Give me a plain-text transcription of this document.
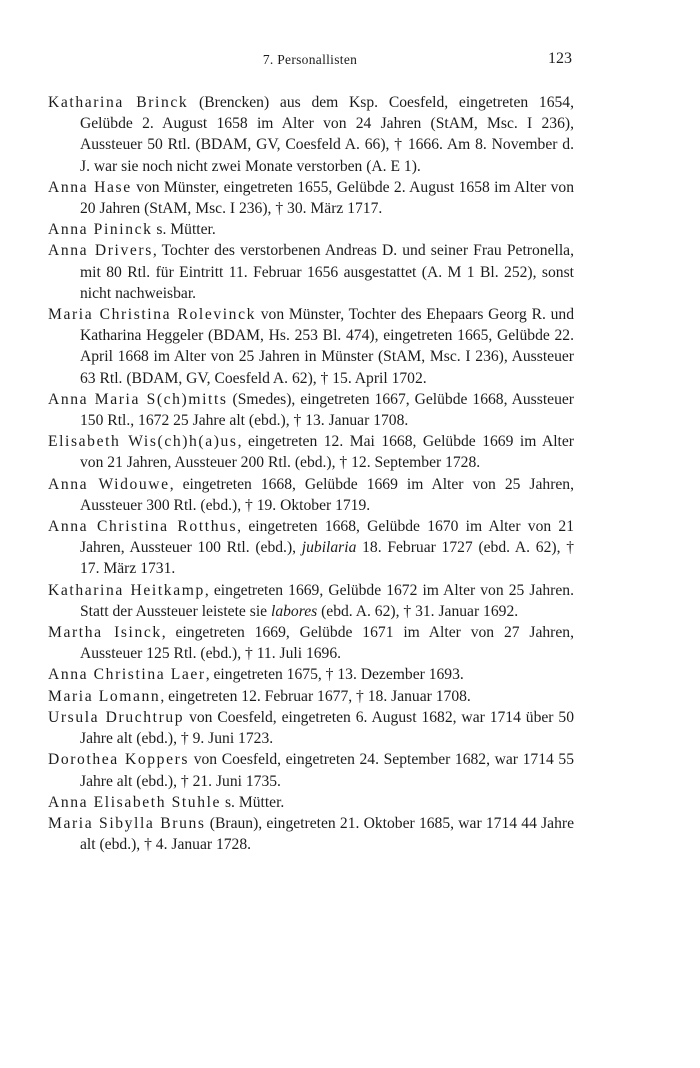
7. Personallisten	123

Katharina Brinck (Brencken) aus dem Ksp. Coesfeld, eingetreten 1654, Gelübde 2. August 1658 im Alter von 24 Jahren (StAM, Msc. I 236), Aussteuer 50 Rtl. (BDAM, GV, Coesfeld A. 66), † 1666. Am 8. November d. J. war sie noch nicht zwei Monate verstorben (A. E 1).

Anna Hase von Münster, eingetreten 1655, Gelübde 2. August 1658 im Alter von 20 Jahren (StAM, Msc. I 236), † 30. März 1717.

Anna Pininck s. Mütter.

Anna Drivers, Tochter des verstorbenen Andreas D. und seiner Frau Petronella, mit 80 Rtl. für Eintritt 11. Februar 1656 ausgestattet (A. M 1 Bl. 252), sonst nicht nachweisbar.

Maria Christina Rolevinck von Münster, Tochter des Ehepaars Georg R. und Katharina Heggeler (BDAM, Hs. 253 Bl. 474), eingetreten 1665, Gelübde 22. April 1668 im Alter von 25 Jahren in Münster (StAM, Msc. I 236), Aussteuer 63 Rtl. (BDAM, GV, Coesfeld A. 62), † 15. April 1702.

Anna Maria S(ch)mitts (Smedes), eingetreten 1667, Gelübde 1668, Aussteuer 150 Rtl., 1672 25 Jahre alt (ebd.), † 13. Januar 1708.

Elisabeth Wis(ch)h(a)us, eingetreten 12. Mai 1668, Gelübde 1669 im Alter von 21 Jahren, Aussteuer 200 Rtl. (ebd.), † 12. September 1728.

Anna Widouwe, eingetreten 1668, Gelübde 1669 im Alter von 25 Jahren, Aussteuer 300 Rtl. (ebd.), † 19. Oktober 1719.

Anna Christina Rotthus, eingetreten 1668, Gelübde 1670 im Alter von 21 Jahren, Aussteuer 100 Rtl. (ebd.), jubilaria 18. Februar 1727 (ebd. A. 62), † 17. März 1731.

Katharina Heitkamp, eingetreten 1669, Gelübde 1672 im Alter von 25 Jahren. Statt der Aussteuer leistete sie labores (ebd. A. 62), † 31. Januar 1692.

Martha Isinck, eingetreten 1669, Gelübde 1671 im Alter von 27 Jahren, Aussteuer 125 Rtl. (ebd.), † 11. Juli 1696.

Anna Christina Laer, eingetreten 1675, † 13. Dezember 1693.

Maria Lomann, eingetreten 12. Februar 1677, † 18. Januar 1708.

Ursula Druchtrup von Coesfeld, eingetreten 6. August 1682, war 1714 über 50 Jahre alt (ebd.), † 9. Juni 1723.

Dorothea Koppers von Coesfeld, eingetreten 24. September 1682, war 1714 55 Jahre alt (ebd.), † 21. Juni 1735.

Anna Elisabeth Stuhle s. Mütter.

Maria Sibylla Bruns (Braun), eingetreten 21. Oktober 1685, war 1714 44 Jahre alt (ebd.), † 4. Januar 1728.
